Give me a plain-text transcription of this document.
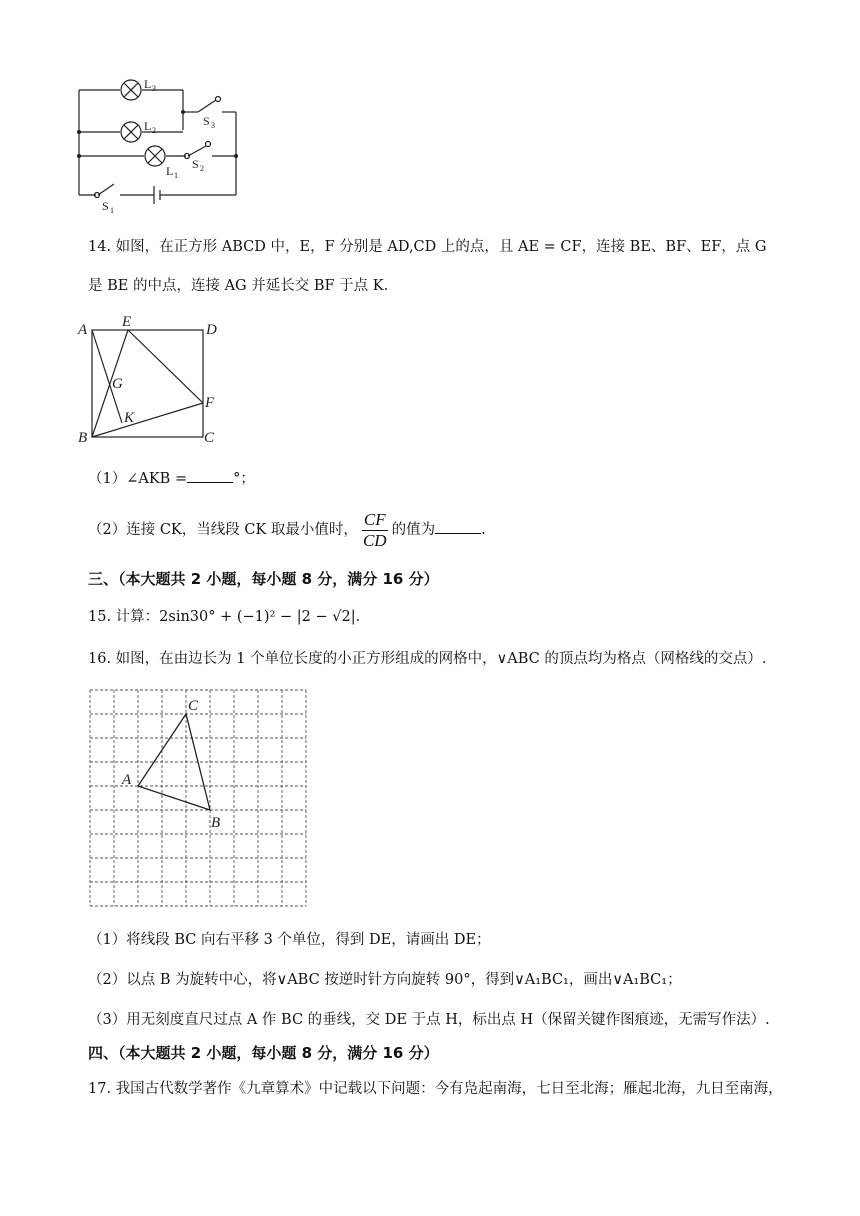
L 3
L 2
L 1
S 3
S 2
S 1
14. 如图，在正方形 ABCD 中，E，F 分别是 AD,CD 上的点，且 AE = CF，连接 BE、BF、EF，点 G
是 BE 的中点，连接 AG 并延长交 BF 于点 K.
A E	D
G
F
K
B	C
（1）∠AKB =	°；
（2）连接 CK，当线段 CK 取最小值时， $\frac{CF}{CD}$ 的值为	.
三、（本大题共 2 小题，每小题 8 分，满分 16 分）
15. 计算：2sin30° + (−1)² − |2 − √2|.
16. 如图，在由边长为 1 个单位长度的小正方形组成的网格中，∨ABC 的顶点均为格点（网格线的交点）.
C
A
B
（1）将线段 BC 向右平移 3 个单位，得到 DE，请画出 DE；
（2）以点 B 为旋转中心，将∨ABC 按逆时针方向旋转 90°，得到∨A₁BC₁，画出∨A₁BC₁；
（3）用无刻度直尺过点 A 作 BC 的垂线，交 DE 于点 H，标出点 H（保留关键作图痕迹，无需写作法）.
四、（本大题共 2 小题，每小题 8 分，满分 16 分）
17. 我国古代数学著作《九章算术》中记载以下问题：今有凫起南海，七日至北海；雁起北海，九日至南海，
